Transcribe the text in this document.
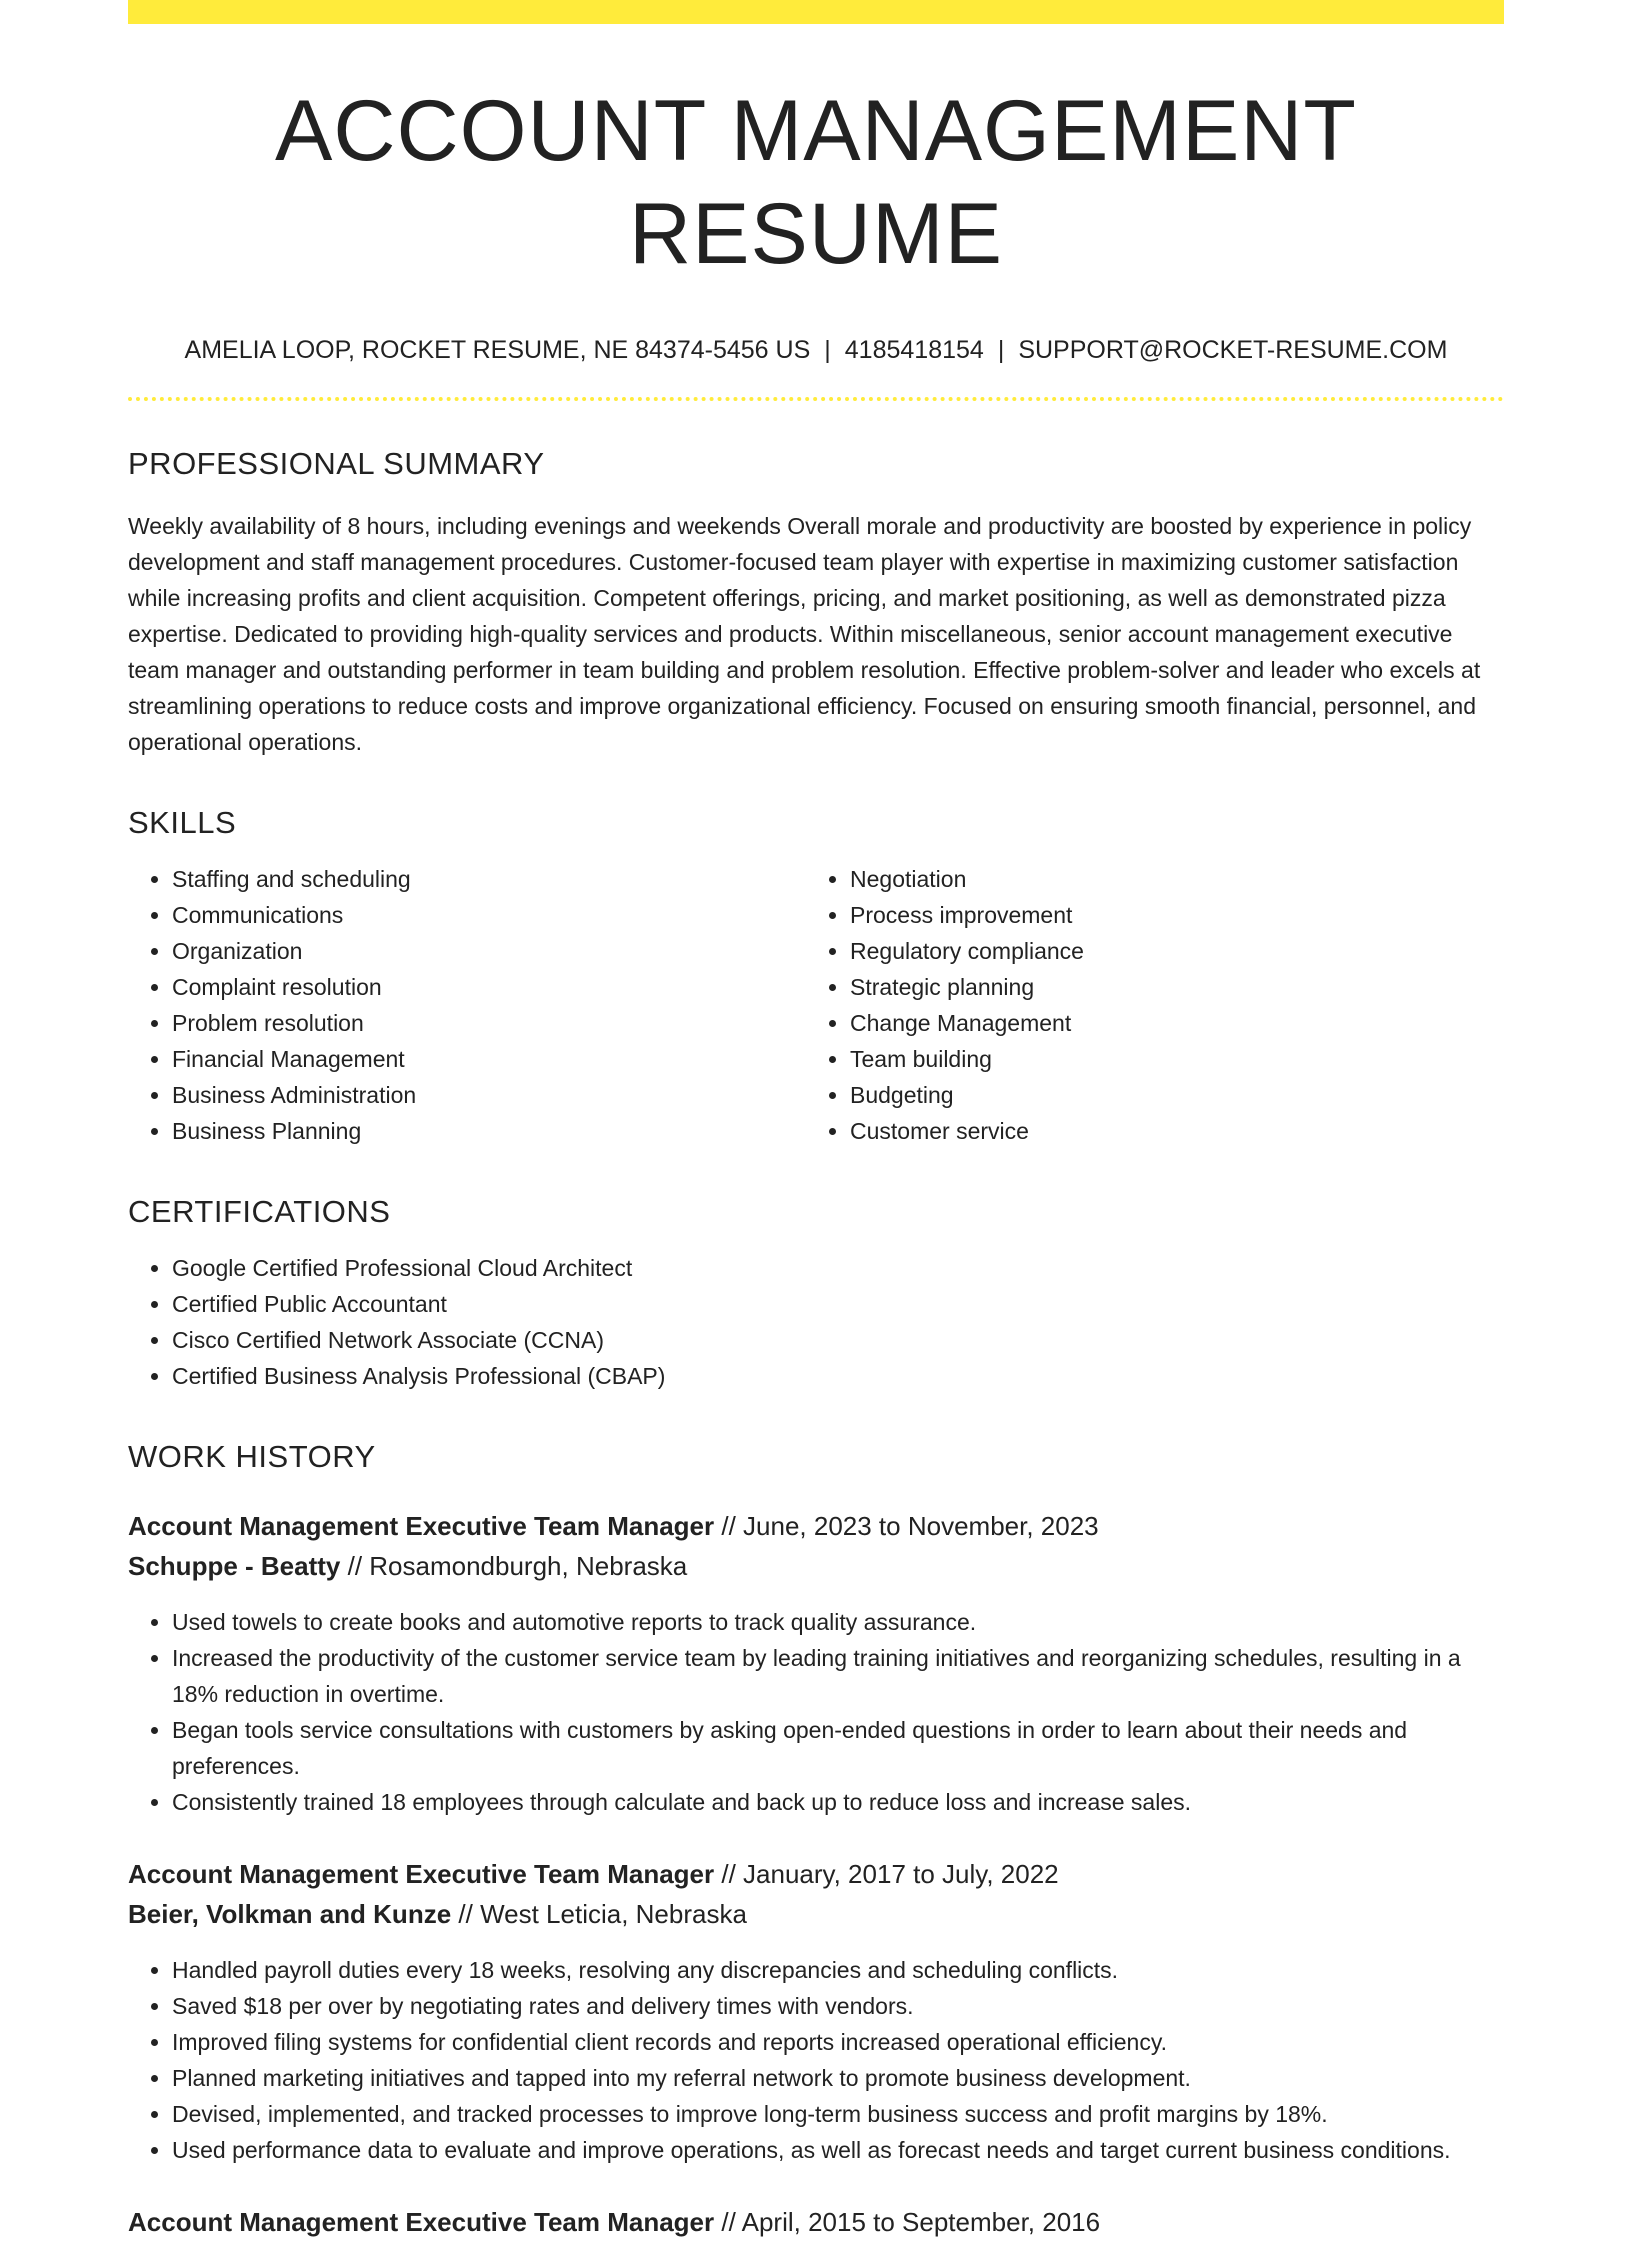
ACCOUNT MANAGEMENT RESUME
AMELIA LOOP, ROCKET RESUME, NE 84374-5456 US | 4185418154 | SUPPORT@ROCKET-RESUME.COM
PROFESSIONAL SUMMARY

Weekly availability of 8 hours, including evenings and weekends Overall morale and productivity are boosted by experience in policy development and staff management procedures. Customer-focused team player with expertise in maximizing customer satisfaction while increasing profits and client acquisition. Competent offerings, pricing, and market positioning, as well as demonstrated pizza expertise. Dedicated to providing high-quality services and products. Within miscellaneous, senior account management executive team manager and outstanding performer in team building and problem resolution. Effective problem-solver and leader who excels at streamlining operations to reduce costs and improve organizational efficiency. Focused on ensuring smooth financial, personnel, and operational operations.

SKILLS
• Staffing and scheduling
• Communications
• Organization
• Complaint resolution
• Problem resolution
• Financial Management
• Business Administration
• Business Planning
• Negotiation
• Process improvement
• Regulatory compliance
• Strategic planning
• Change Management
• Team building
• Budgeting
• Customer service
CERTIFICATIONS
• Google Certified Professional Cloud Architect
• Certified Public Accountant
• Cisco Certified Network Associate (CCNA)
• Certified Business Analysis Professional (CBAP)
WORK HISTORY
Account Management Executive Team Manager // June, 2023 to November, 2023
Schuppe - Beatty // Rosamondburgh, Nebraska
• Used towels to create books and automotive reports to track quality assurance.
• Increased the productivity of the customer service team by leading training initiatives and reorganizing schedules, resulting in a 18% reduction in overtime.
• Began tools service consultations with customers by asking open-ended questions in order to learn about their needs and preferences.
• Consistently trained 18 employees through calculate and back up to reduce loss and increase sales.
Account Management Executive Team Manager // January, 2017 to July, 2022
Beier, Volkman and Kunze // West Leticia, Nebraska
• Handled payroll duties every 18 weeks, resolving any discrepancies and scheduling conflicts.
• Saved $18 per over by negotiating rates and delivery times with vendors.
• Improved filing systems for confidential client records and reports increased operational efficiency.
• Planned marketing initiatives and tapped into my referral network to promote business development.
• Devised, implemented, and tracked processes to improve long-term business success and profit margins by 18%.
• Used performance data to evaluate and improve operations, as well as forecast needs and target current business conditions.
Account Management Executive Team Manager // April, 2015 to September, 2016
